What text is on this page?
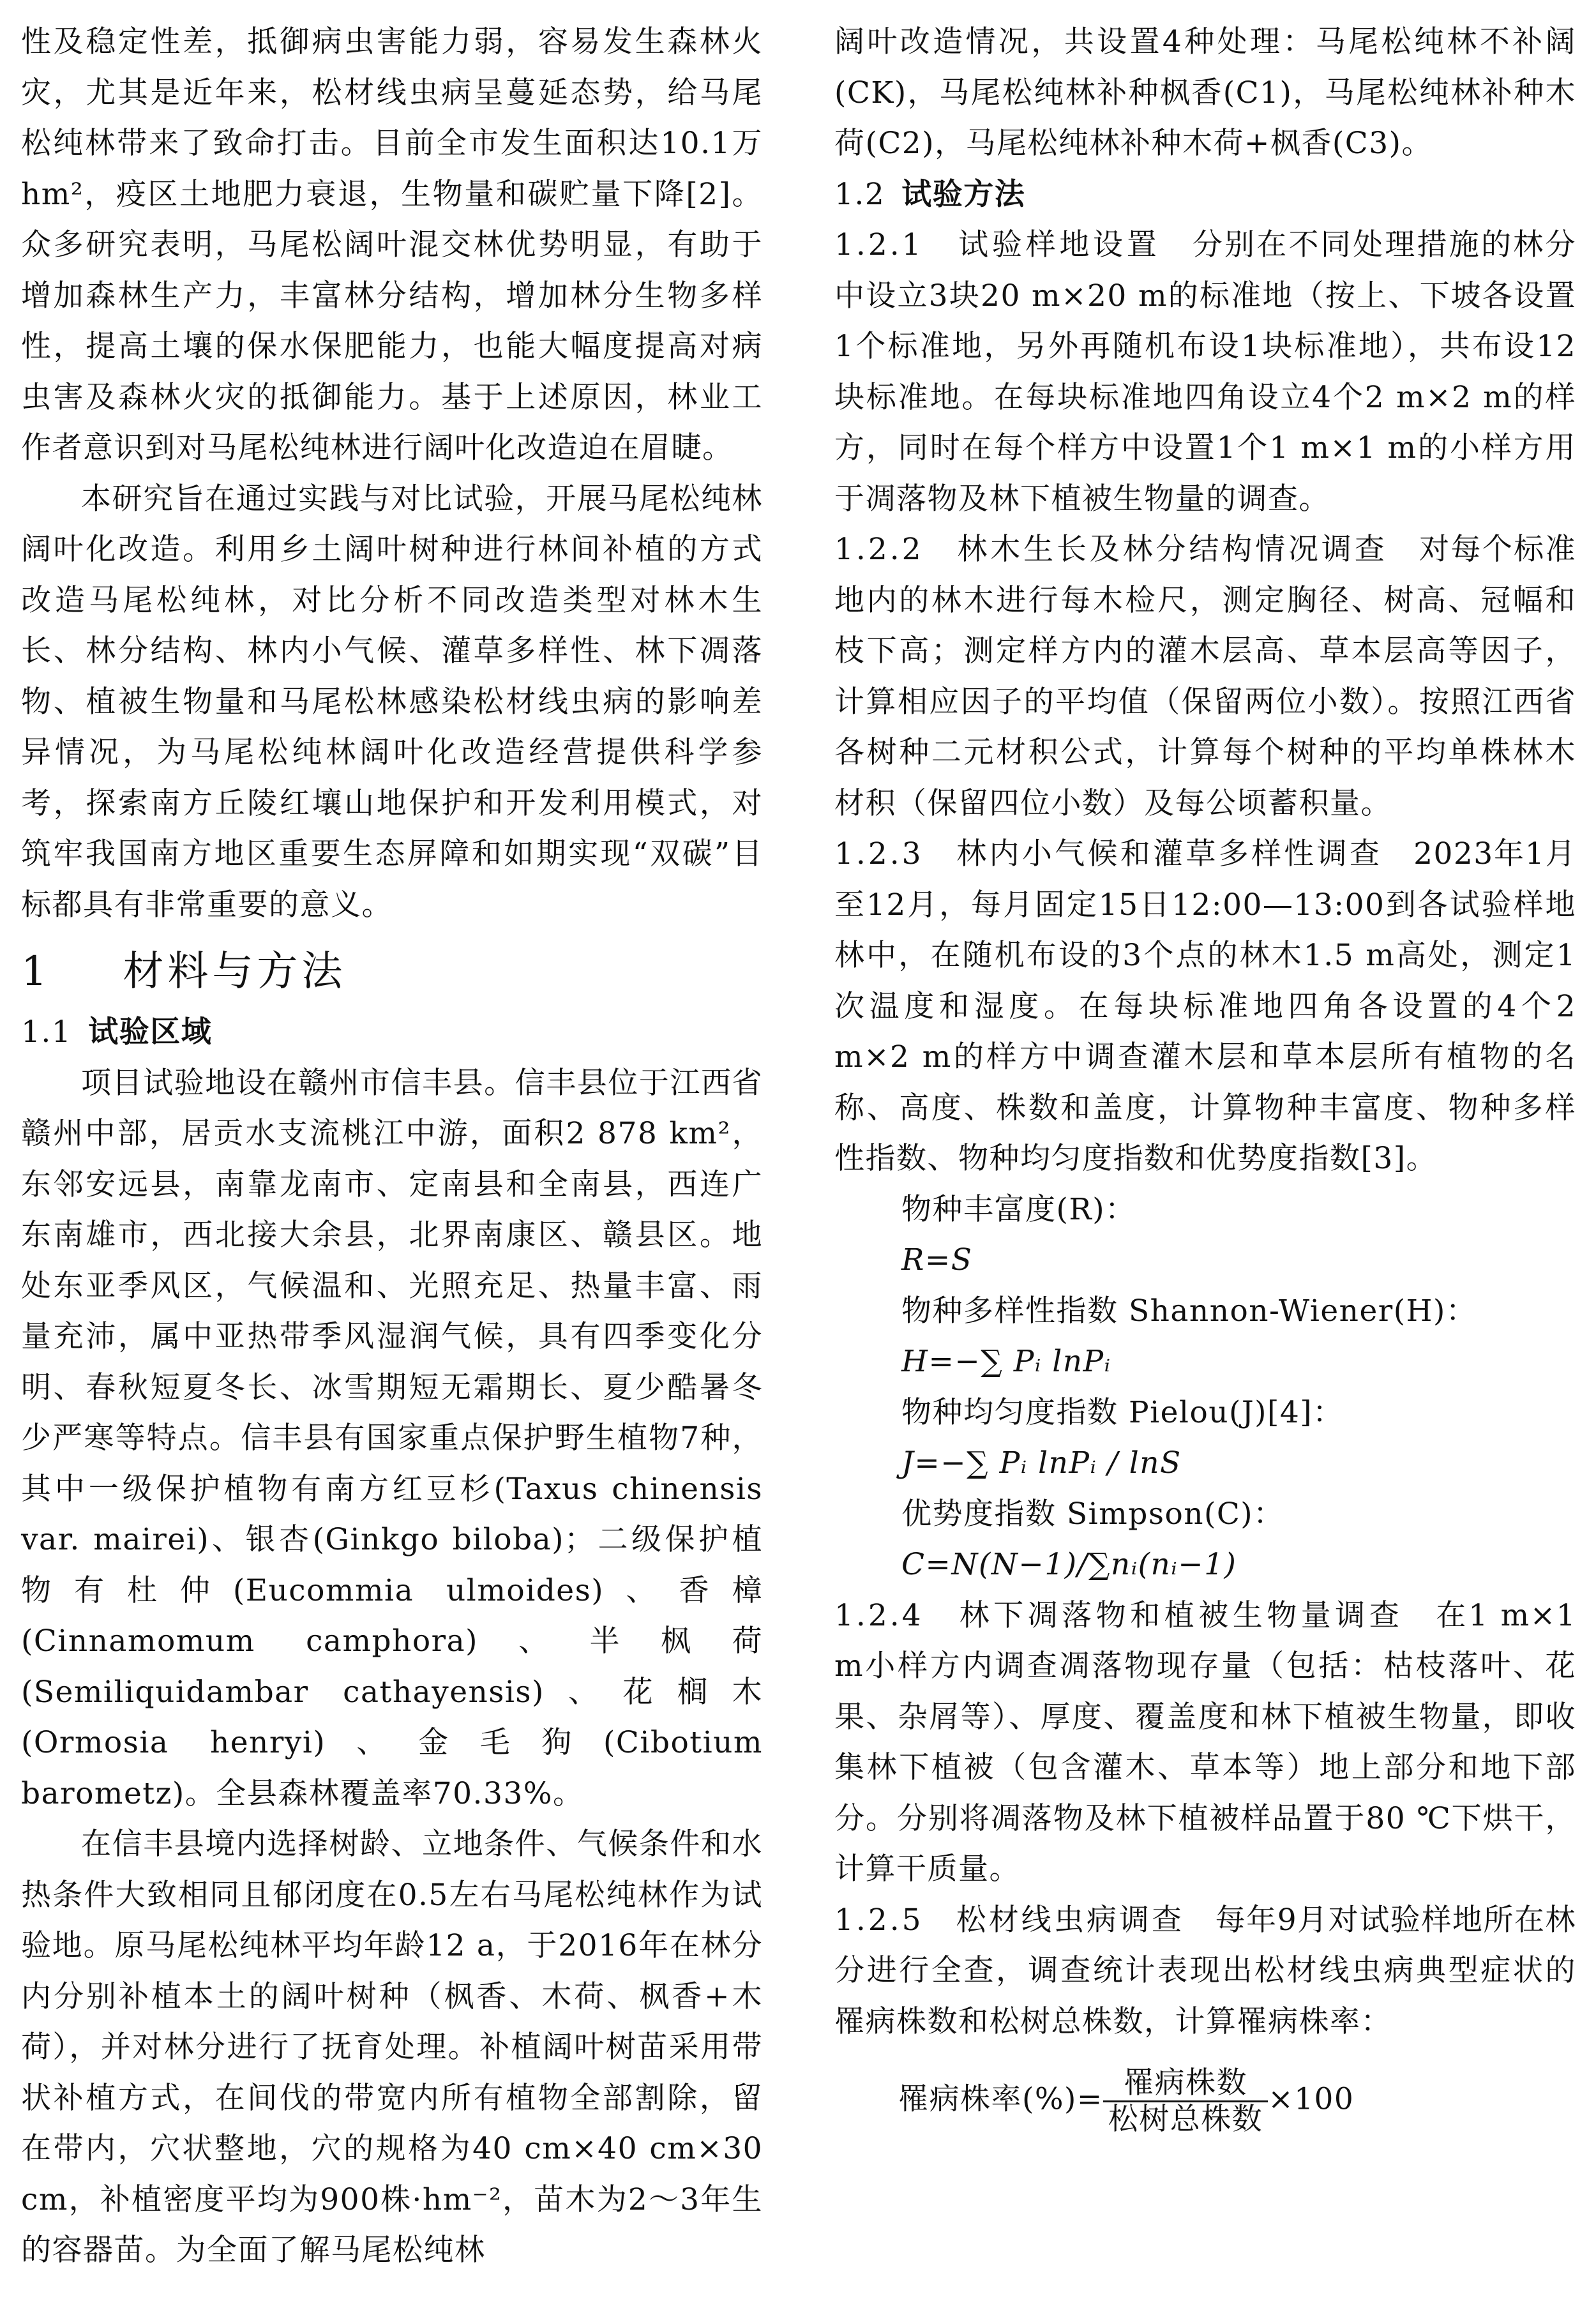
性及稳定性差，抵御病虫害能力弱，容易发生森林火灾，尤其是近年来，松材线虫病呈蔓延态势，给马尾松纯林带来了致命打击。目前全市发生面积达10.1万hm²，疫区土地肥力衰退，生物量和碳贮量下降[2]。众多研究表明，马尾松阔叶混交林优势明显，有助于增加森林生产力，丰富林分结构，增加林分生物多样性，提高土壤的保水保肥能力，也能大幅度提高对病虫害及森林火灾的抵御能力。基于上述原因，林业工作者意识到对马尾松纯林进行阔叶化改造迫在眉睫。

本研究旨在通过实践与对比试验，开展马尾松纯林阔叶化改造。利用乡土阔叶树种进行林间补植的方式改造马尾松纯林，对比分析不同改造类型对林木生长、林分结构、林内小气候、灌草多样性、林下凋落物、植被生物量和马尾松林感染松材线虫病的影响差异情况，为马尾松纯林阔叶化改造经营提供科学参考，探索南方丘陵红壤山地保护和开发利用模式，对筑牢我国南方地区重要生态屏障和如期实现“双碳”目标都具有非常重要的意义。

1 材料与方法

1.1 试验区域

项目试验地设在赣州市信丰县。信丰县位于江西省赣州中部，居贡水支流桃江中游，面积2 878 km²，东邻安远县，南靠龙南市、定南县和全南县，西连广东南雄市，西北接大余县，北界南康区、赣县区。地处东亚季风区，气候温和、光照充足、热量丰富、雨量充沛，属中亚热带季风湿润气候，具有四季变化分明、春秋短夏冬长、冰雪期短无霜期长、夏少酷暑冬少严寒等特点。信丰县有国家重点保护野生植物7种，其中一级保护植物有南方红豆杉(Taxus chinensis var. mairei)、银杏(Ginkgo biloba)；二级保护植物有杜仲(Eucommia ulmoides)、香樟(Cinnamomum camphora)、半枫荷(Semiliquidambar cathayensis)、花榈木(Ormosia henryi)、金毛狗(Cibotium barometz)。全县森林覆盖率70.33%。

在信丰县境内选择树龄、立地条件、气候条件和水热条件大致相同且郁闭度在0.5左右马尾松纯林作为试验地。原马尾松纯林平均年龄12 a，于2016年在林分内分别补植本土的阔叶树种（枫香、木荷、枫香+木荷），并对林分进行了抚育处理。补植阔叶树苗采用带状补植方式，在间伐的带宽内所有植物全部割除，留在带内，穴状整地，穴的规格为40 cm×40 cm×30 cm，补植密度平均为900株·hm⁻²，苗木为2～3年生的容器苗。为全面了解马尾松纯林

阔叶改造情况，共设置4种处理：马尾松纯林不补阔(CK)，马尾松纯林补种枫香(C1)，马尾松纯林补种木荷(C2)，马尾松纯林补种木荷+枫香(C3)。

1.2 试验方法

1.2.1　试验样地设置　 分别在不同处理措施的林分中设立3块20 m×20 m的标准地（按上、下坡各设置1个标准地，另外再随机布设1块标准地），共布设12块标准地。在每块标准地四角设立4个2 m×2 m的样方，同时在每个样方中设置1个1 m×1 m的小样方用于凋落物及林下植被生物量的调查。

1.2.2　林木生长及林分结构情况调查　 对每个标准地内的林木进行每木检尺，测定胸径、树高、冠幅和枝下高；测定样方内的灌木层高、草本层高等因子，计算相应因子的平均值（保留两位小数）。按照江西省各树种二元材积公式，计算每个树种的平均单株林木材积（保留四位小数）及每公顷蓄积量。

1.2.3　林内小气候和灌草多样性调查　 2023年1月至12月，每月固定15日12:00—13:00到各试验样地林中，在随机布设的3个点的林木1.5 m高处，测定1次温度和湿度。在每块标准地四角各设置的4个2 m×2 m的样方中调查灌木层和草本层所有植物的名称、高度、株数和盖度，计算物种丰富度、物种多样性指数、物种均匀度指数和优势度指数[3]。

物种丰富度(R)：

R=S

物种多样性指数 Shannon-Wiener(H)：

H=−∑ Pᵢ lnPᵢ

物种均匀度指数 Pielou(J)[4]：

J=−∑ Pᵢ lnPᵢ / lnS

优势度指数 Simpson(C)：

C=N(N−1)/∑nᵢ(nᵢ−1)

1.2.4　林下凋落物和植被生物量调查　 在1 m×1 m小样方内调查凋落物现存量（包括：枯枝落叶、花果、杂屑等）、厚度、覆盖度和林下植被生物量，即收集林下植被（包含灌木、草本等）地上部分和地下部分。分别将凋落物及林下植被样品置于80 ℃下烘干，计算干质量。

1.2.5　松材线虫病调查　 每年9月对试验样地所在林分进行全查，调查统计表现出松材线虫病典型症状的罹病株数和松树总株数，计算罹病株率：

罹病株率(%)= $\frac{\text{罹病株数}}{\text{松树总株数}} \times 100$
